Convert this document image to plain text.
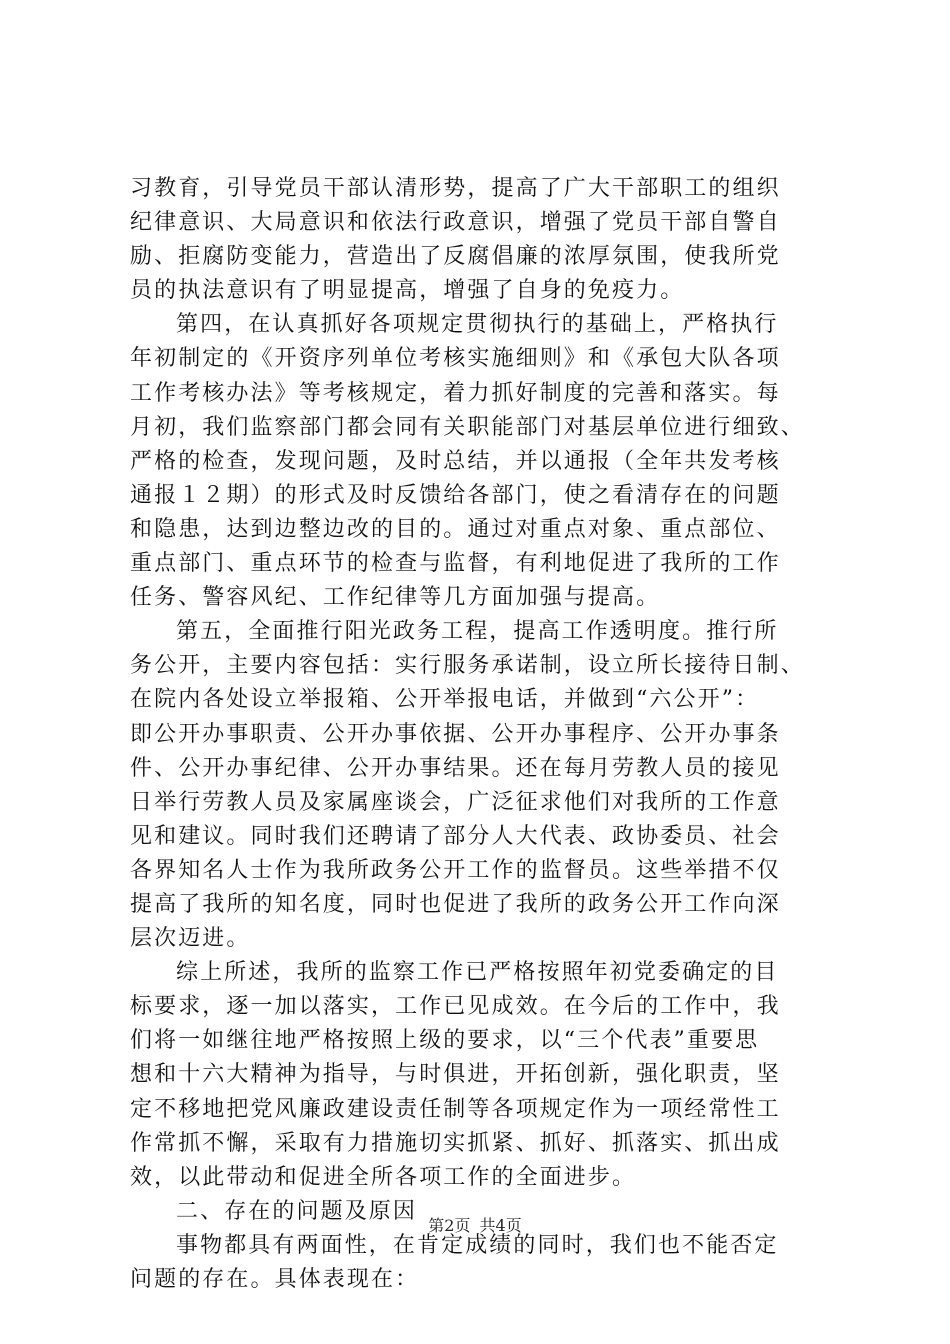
习教育，引导党员干部认清形势，提高了广大干部职工的组织
纪律意识、大局意识和依法行政意识，增强了党员干部自警自
励、拒腐防变能力，营造出了反腐倡廉的浓厚氛围，使我所党
员的执法意识有了明显提高，增强了自身的免疫力。
第四，在认真抓好各项规定贯彻执行的基础上，严格执行
年初制定的《开资序列单位考核实施细则》和《承包大队各项
工作考核办法》等考核规定，着力抓好制度的完善和落实。每
月初，我们监察部门都会同有关职能部门对基层单位进行细致、
严格的检查，发现问题，及时总结，并以通报（全年共发考核
通报１２期）的形式及时反馈给各部门，使之看清存在的问题
和隐患，达到边整边改的目的。通过对重点对象、重点部位、
重点部门、重点环节的检查与监督，有利地促进了我所的工作
任务、警容风纪、工作纪律等几方面加强与提高。
第五，全面推行阳光政务工程，提高工作透明度。推行所
务公开，主要内容包括：实行服务承诺制，设立所长接待日制、
在院内各处设立举报箱、公开举报电话，并做到“六公开”：
即公开办事职责、公开办事依据、公开办事程序、公开办事条
件、公开办事纪律、公开办事结果。还在每月劳教人员的接见
日举行劳教人员及家属座谈会，广泛征求他们对我所的工作意
见和建议。同时我们还聘请了部分人大代表、政协委员、社会
各界知名人士作为我所政务公开工作的监督员。这些举措不仅
提高了我所的知名度，同时也促进了我所的政务公开工作向深
层次迈进。
综上所述，我所的监察工作已严格按照年初党委确定的目
标要求，逐一加以落实，工作已见成效。在今后的工作中，我
们将一如继往地严格按照上级的要求，以“三个代表”重要思
想和十六大精神为指导，与时俱进，开拓创新，强化职责，坚
定不移地把党风廉政建设责任制等各项规定作为一项经常性工
作常抓不懈，采取有力措施切实抓紧、抓好、抓落实、抓出成
效，以此带动和促进全所各项工作的全面进步。
二、存在的问题及原因
事物都具有两面性，在肯定成绩的同时，我们也不能否定
问题的存在。具体表现在：
第2页 共4页
